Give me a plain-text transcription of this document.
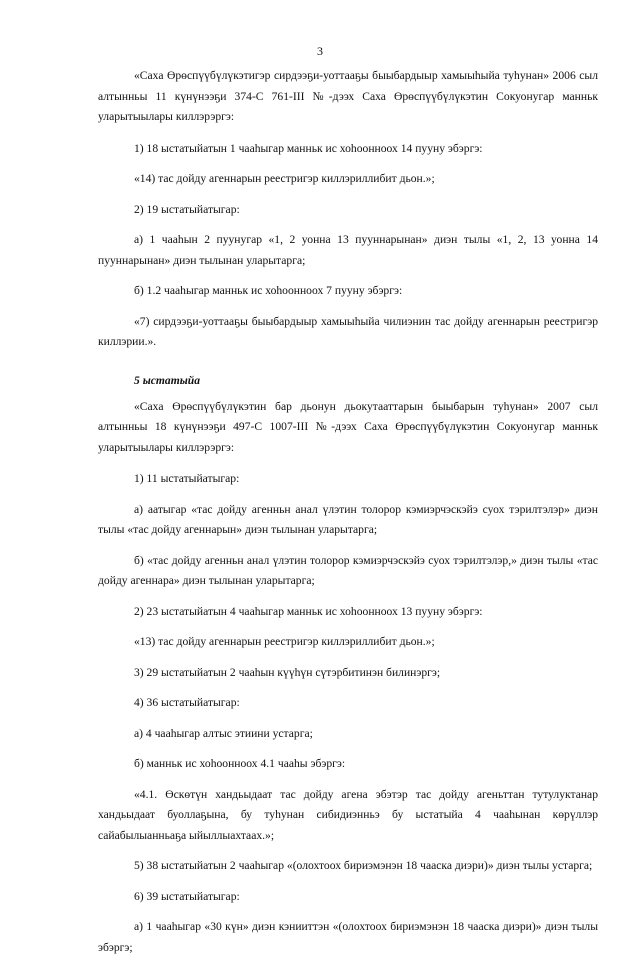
3

«Саха Өрөспүүбүлүкэтигэр сирдээҕи-уоттааҕы быыбардыыр хамыыһыйа туһунан» 2006 сыл алтынньы 11 күнүнээҕи 374-С 761-III №-дээх Саха Өрөспүүбүлүкэтин Сокуонугар манньк уларытыылары киллэрэргэ:

1) 18 ыстатыйатын 1 чааһыгар манньк ис хоһоонноох 14 пууну эбэргэ:

«14) тас дойду агеннарын реестригэр киллэриллибит дьон.»;

2) 19 ыстатыйатыгар:

а) 1 чааһын 2 пуунугар «1, 2 уонна 13 пууннарынан» диэн тылы «1, 2, 13 уонна 14 пууннарынан» диэн тылынан уларытарга;

б) 1.2 чааһыгар манньк ис хоһоонноох 7 пууну эбэргэ:

«7) сирдээҕи-уоттааҕы быыбардыыр хамыыһыйа чилиэнин тас дойду агеннарын реестригэр киллэрии.».

5 ыстатыйа

«Саха Өрөспүүбүлүкэтин бар дьонун дьокутааттарын быыбарын туһунан» 2007 сыл алтынньы 18 күнүнээҕи 497-С 1007-III №-дээх Саха Өрөспүүбүлүкэтин Сокуонугар манньк уларытыылары киллэрэргэ:

1) 11 ыстатыйатыгар:

а) аатыгар «тас дойду агенньн анал үлэтин толорор кэмиэрчэскэйэ суох тэрилтэлэр» диэн тылы «тас дойду агеннарын» диэн тылынан уларытарга;

б) «тас дойду агенньн анал үлэтин толорор кэмиэрчэскэйэ суох тэрилтэлэр,» диэн тылы «тас дойду агеннара» диэн тылынан уларытарга;

2) 23 ыстатыйатын 4 чааһыгар манньк ис хоһоонноох 13 пууну эбэргэ:

«13) тас дойду агеннарын реестригэр киллэриллибит дьон.»;

3) 29 ыстатыйатын 2 чааһын күүһүн сүтэрбитинэн билинэргэ;

4) 36 ыстатыйатыгар:

а) 4 чааһыгар алтыс этиини устарга;

б) манньк ис хоһоонноох 4.1 чааһы эбэргэ:

«4.1. Өскөтүн хандьыдаат тас дойду агена эбэтэр тас дойду агеньттан тутулуктанар хандьыдаат буоллаҕына, бу туһунан сибидиэнньэ бу ыстатыйа 4 чааһынан көрүллэр сайабылыанньаҕа ыйыллыахтаах.»;

5) 38 ыстатыйатын 2 чааһыгар «(олохтоох бириэмэнэн 18 чааска диэри)» диэн тылы устарга;

6) 39 ыстатыйатыгар:

а) 1 чааһыгар «30 күн» диэн кэнииттэн «(олохтоох бириэмэнэн 18 чааска диэри)» диэн тылы эбэргэ;
